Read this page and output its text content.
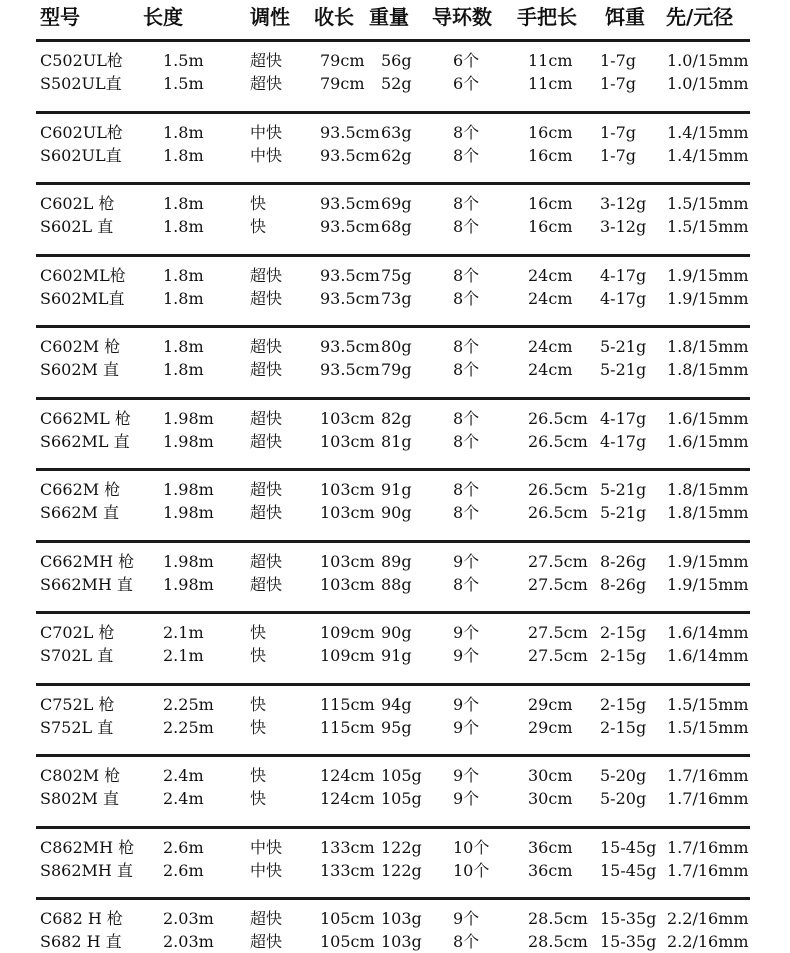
型号	长度	调性 收长 重量 导环数 手把长 饵重 先/元径
C502UL枪	1.5m	超快 79cm 56g	6个	11cm 1-7g 1.0/15mm
S502UL直	1.5m	超快 79cm 52g	6个	11cm 1-7g 1.0/15mm
C602UL枪	1.8m	中快 93.5cm 63g	8个	16cm 1-7g 1.4/15mm
S602UL直	1.8m	中快 93.5cm 62g	8个	16cm 1-7g 1.4/15mm
C602L 枪	1.8m	快	93.5cm 69g	8个	16cm 3-12g 1.5/15mm
S602L 直	1.8m	快	93.5cm 68g	8个	16cm 3-12g 1.5/15mm
C602ML枪 1.8m	超快 93.5cm 75g	8个	24cm 4-17g 1.9/15mm
S602ML直 1.8m	超快 93.5cm 73g	8个	24cm 4-17g 1.9/15mm
C602M 枪	1.8m	超快 93.5cm 80g	8个	24cm 5-21g 1.8/15mm
S602M 直	1.8m	超快 93.5cm 79g	8个	24cm 5-21g 1.8/15mm
C662ML 枪 1.98m 超快 103cm 82g	8个	26.5cm 4-17g 1.6/15mm
S662ML 直 1.98m 超快 103cm 81g	8个	26.5cm 4-17g 1.6/15mm
C662M 枪	1.98m 超快 103cm 91g	8个	26.5cm 5-21g 1.8/15mm
S662M 直	1.98m 超快 103cm 90g	8个	26.5cm 5-21g 1.8/15mm
C662MH 枪 1.98m 超快 103cm 89g	9个	27.5cm 8-26g 1.9/15mm
S662MH 直 1.98m 超快 103cm 88g	8个	27.5cm 8-26g 1.9/15mm
C702L 枪	2.1m	快	109cm 90g	9个	27.5cm 2-15g 1.6/14mm
S702L 直	2.1m	快	109cm 91g	9个	27.5cm 2-15g 1.6/14mm
C752L 枪	2.25m 快	115cm 94g	9个	29cm 2-15g 1.5/15mm
S752L 直	2.25m 快	115cm 95g	9个	29cm 2-15g 1.5/15mm
C802M 枪	2.4m	快	124cm 105g 9个	30cm 5-20g 1.7/16mm
S802M 直	2.4m	快	124cm 105g 9个	30cm 5-20g 1.7/16mm
C862MH 枪 2.6m	中快 133cm 122g 10个 36cm 15-45g 1.7/16mm
S862MH 直 2.6m	中快 133cm 122g 10个 36cm 15-45g 1.7/16mm
C682 H 枪	2.03m 超快 105cm 103g 9个	28.5cm 15-35g 2.2/16mm
S682 H 直	2.03m 超快 105cm 103g 8个	28.5cm 15-35g 2.2/16mm
